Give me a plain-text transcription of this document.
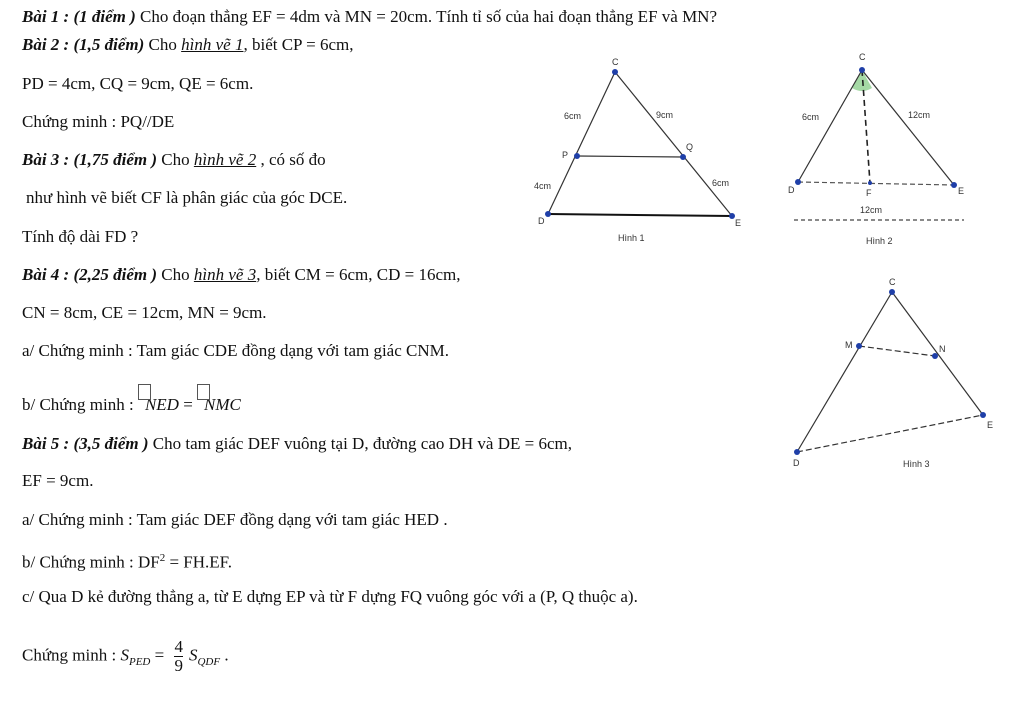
Bài 1 : (1 điểm ) Cho đoạn thẳng EF = 4dm và MN = 20cm. Tính tỉ số của hai đoạn thẳng EF và MN?
Bài 2 : (1,5 điểm) Cho hình vẽ 1, biết CP = 6cm,
PD = 4cm, CQ = 9cm, QE = 6cm.
Chứng minh : PQ//DE
Bài 3 : (1,75 điểm ) Cho hình vẽ 2 , có số đo
như hình vẽ biết CF là phân giác của góc DCE.
Tính độ dài FD ?
Bài 4 : (2,25 điểm ) Cho hình vẽ 3, biết CM = 6cm, CD = 16cm,
CN = 8cm, CE = 12cm, MN = 9cm.
a/ Chứng minh : Tam giác CDE đồng dạng với tam giác CNM.
b/ Chứng minh : NED = NMC
Bài 5 : (3,5 điểm ) Cho tam giác DEF vuông tại D, đường cao DH và DE = 6cm,
EF = 9cm.
a/ Chứng minh : Tam giác DEF đồng dạng với tam giác HED .
b/ Chứng minh : $DF^2 = FH.EF$.
c/ Qua D kẻ đường thẳng a, từ E dựng EP và từ F dựng FQ vuông góc với a (P, Q thuộc a).
Chứng minh : $S_{PED} = \frac{4}{9} S_{QDF}$ .
C
P
Q
D	E
6cm	9cm
4cm	6cm
Hình 1
C
D	E
F
6cm	12cm
12cm
Hình 2
C
M	N
D
E
Hình 3
